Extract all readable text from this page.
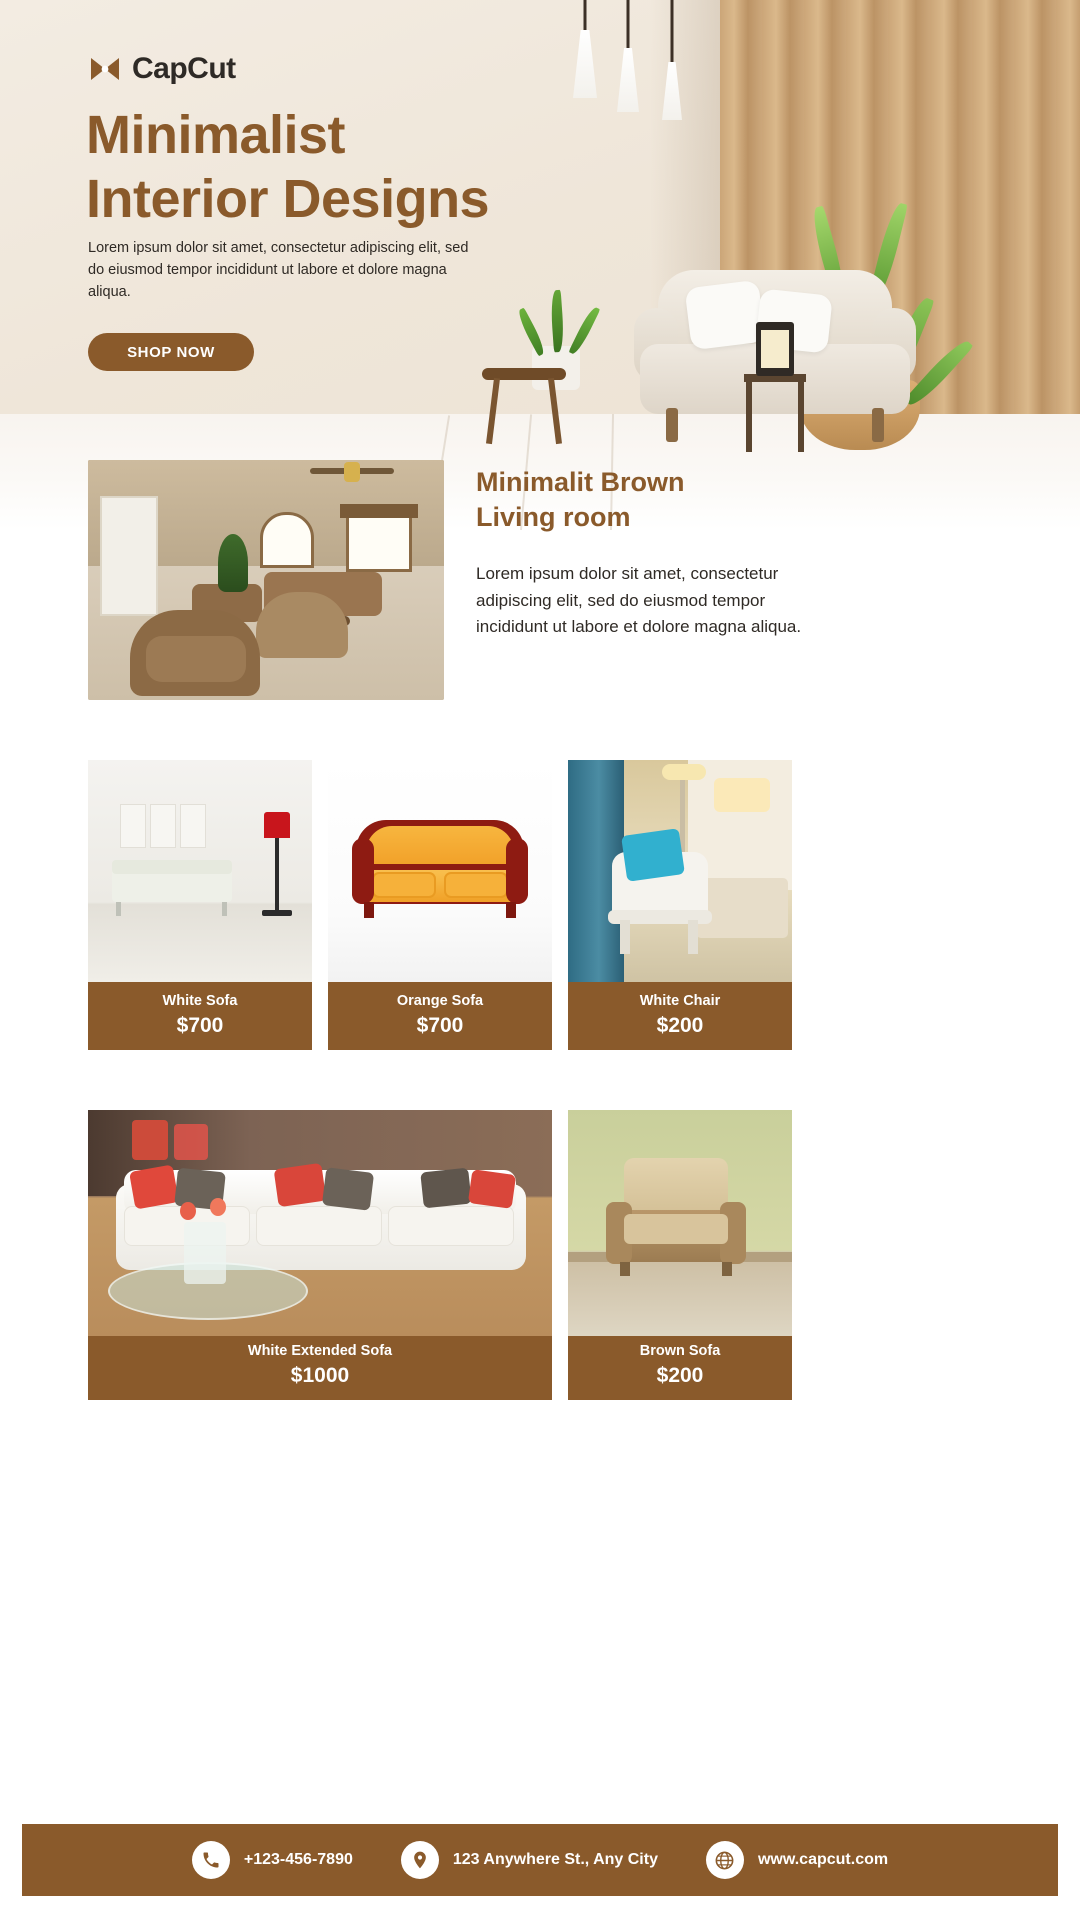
CapCut
Minimalist
Interior Designs

Lorem ipsum dolor sit amet, consectetur adipiscing elit, sed do eiusmod tempor incididunt ut labore et dolore magna aliqua.

SHOP NOW
Minimalit Brown
Living room

Lorem ipsum dolor sit amet, consectetur adipiscing elit, sed do eiusmod tempor incididunt ut labore et dolore magna aliqua.

White Sofa
$700
Orange Sofa
$700
White Chair
$200
White Extended Sofa
$1000
Brown Sofa
$200
+123-456-7890	123 Anywhere St., Any City	www.capcut.com
